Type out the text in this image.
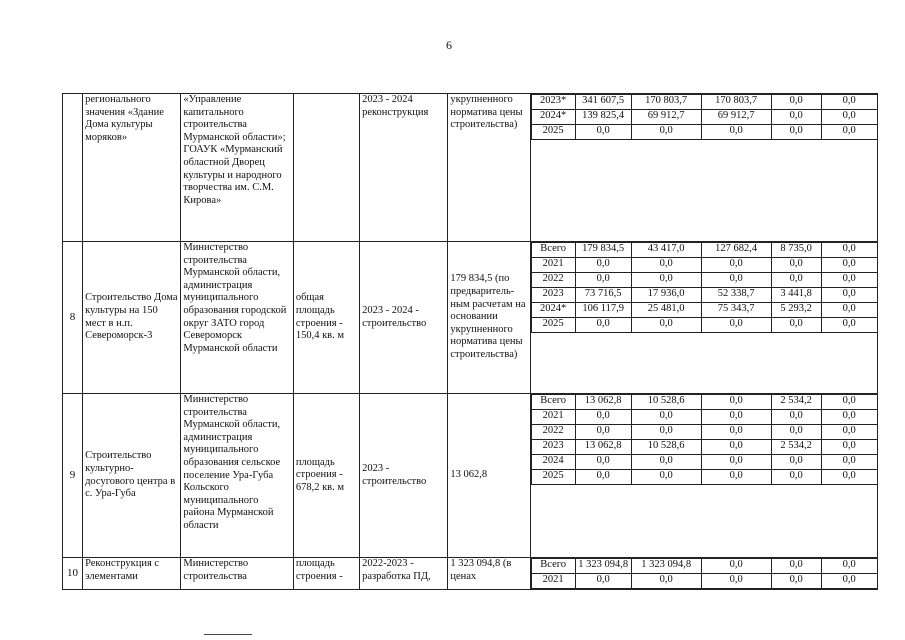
6
	регионального значения «Здание Дома культуры моряков»	«Управление капитального строительства Мурманской области»; ГОАУК «Мурманский областной Дворец культуры и народного творчества им. С.М. Кирова»		2023 - 2024 реконструкция	укрупненного норматива цены строительства)	
2023*	341 607,5	170 803,7	170 803,7	0,0	0,0
2024*	139 825,4	69 912,7	69 912,7	0,0	0,0
2025	0,0	0,0	0,0	0,0	0,0

8	Строительство Дома культуры на 150 мест в н.п. Североморск-3	Министерство строительства Мурманской области, администрация муниципального образования городской округ ЗАТО город Североморск Мурманской области	общая площадь строения - 150,4 кв. м	2023 - 2024 - строительство	179 834,5 (по предваритель-ным расчетам на основании укрупненного норматива цены строительства)	
Всего	179 834,5	43 417,0	127 682,4	8 735,0	0,0
2021	0,0	0,0	0,0	0,0	0,0
2022	0,0	0,0	0,0	0,0	0,0
2023	73 716,5	17 936,0	52 338,7	3 441,8	0,0
2024*	106 117,9	25 481,0	75 343,7	5 293,2	0,0
2025	0,0	0,0	0,0	0,0	0,0

9	Строительство культурно-досугового центра в с. Ура-Губа	Министерство строительства Мурманской области, администрация муниципального образования сельское поселение Ура-Губа Кольского муниципального района Мурманской области	площадь строения - 678,2 кв. м	2023 - строительство	13 062,8	
Всего	13 062,8	10 528,6	0,0	2 534,2	0,0
2021	0,0	0,0	0,0	0,0	0,0
2022	0,0	0,0	0,0	0,0	0,0
2023	13 062,8	10 528,6	0,0	2 534,2	0,0
2024	0,0	0,0	0,0	0,0	0,0
2025	0,0	0,0	0,0	0,0	0,0

10	Реконструкция с элементами	Министерство строительства	площадь строения -	2022-2023 - разработка ПД,	1 323 094,8 (в ценах	
Всего	1 323 094,8	1 323 094,8	0,0	0,0	0,0
2021	0,0	0,0	0,0	0,0	0,0
